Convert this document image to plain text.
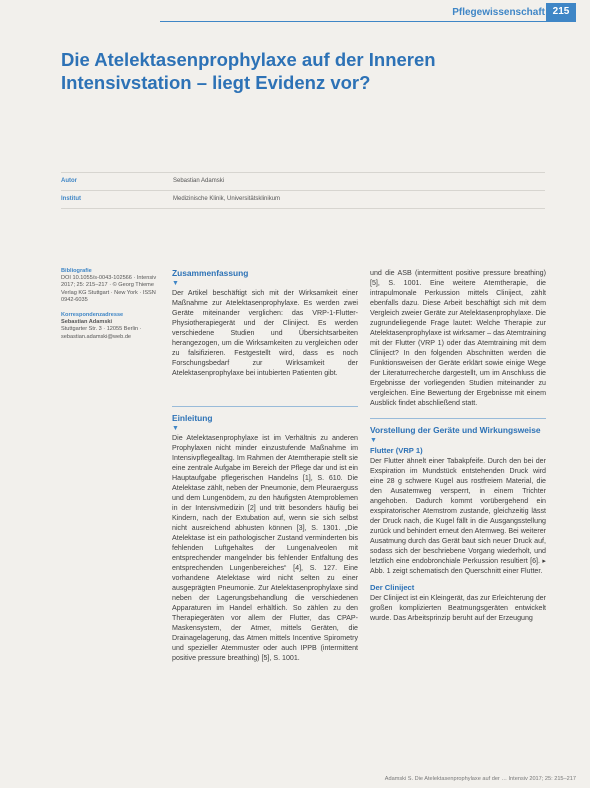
Pflegewissenschaft 215
Die Atelektasenprophylaxe auf der Inneren Intensivstation – liegt Evidenz vor?
Autor	Sebastian Adamski
Institut	Medizinische Klinik, Universitätsklinikum

Bibliografie
DOI 10.1055/s-0043-102566 · Intensiv 2017; 25: 215–217 · © Georg Thieme Verlag KG Stuttgart · New York · ISSN 0942-6035

Korrespondenzadresse
Sebastian Adamski
Stuttgarter Str. 3 · 12055 Berlin · sebastian.adamski@web.de

Zusammenfassung
▼

Der Artikel beschäftigt sich mit der Wirksamkeit einer Maßnahme zur Atelektasenprophylaxe. Es werden zwei Geräte miteinander verglichen: das VRP-1-Flutter-Physiotherapiegerät und der Cliniject. Es werden verschiedene Studien und Übersichtsarbeiten herangezogen, um die Wirksamkeiten zu vergleichen oder zu falsifizieren. Festgestellt wird, dass es noch Forschungsbedarf zur Wirksamkeit der Atelektasenprophylaxe bei intubierten Patienten gibt.

Einleitung
▼

Die Atelektasenprophylaxe ist im Verhältnis zu anderen Prophylaxen nicht minder einzustufende Maßnahme im Intensivpflegealltag. Im Rahmen der Atemtherapie stellt sie eine zentrale Aufgabe im Bereich der Pflege dar und ist ein Hauptaufgabe pflegerischen Handelns [1], S. 610. Die Atelektase zählt, neben der Pneumonie, dem Pleuraerguss und dem Lungenödem, zu den häufigsten Atemproblemen in der Intensivmedizin [2] und tritt besonders häufig bei Kindern, nach der Extubation auf, wenn sie sich selbst nicht ausreichend abhusten können [3], S. 1301. „Die Atelektase ist ein pathologischer Zustand verminderten bis fehlenden Luftgehaltes der Lungenalveolen mit entsprechender mangelnder bis fehlender Entfaltung des entsprechenden Lungenbereiches“ [4], S. 127. Eine vorhandene Atelektase wird nicht selten zu einer ausgeprägten Pneumonie. Zur Atelektasenprophylaxe sind neben der Lagerungsbehandlung die verschiedenen Apparaturen im Handel erhältlich. So zählen zu den Therapiegeräten vor allem der Flutter, das CPAP-Maskensystem, der Atmer, mittels Geräten, die Drainagelagerung, das Atmen mittels Incentive Spirometry und spezieller Atemmuster oder auch IPPB (intermittent positive pressure breathing) [5], S. 1001.

und die ASB (intermittent positive pressure breathing) [5], S. 1001. Eine weitere Atemtherapie, die intrapulmonale Perkussion mittels Cliniject, zählt ebenfalls dazu. Diese Arbeit beschäftigt sich mit dem Vergleich zweier Geräte zur Atelektasenprophylaxe. Die zugrundeliegende Frage lautet: Welche Therapie zur Atelektasenprophylaxe ist wirksamer – das Atemtraining mit der Flutter (VRP 1) oder das Atemtraining mit dem Cliniject? In den folgenden Abschnitten werden die Funktionsweisen der Geräte erklärt sowie einige Wege der Literaturrecherche dargestellt, um im Anschluss die Ergebnisse der vorliegenden Studien miteinander zu vergleichen. Eine Bewertung der Ergebnisse mit einem Ausblick findet abschließend statt.

Vorstellung der Geräte und Wirkungsweise
▼
Flutter (VRP 1)

Der Flutter ähnelt einer Tabakpfeife. Durch den bei der Exspiration im Mundstück entstehenden Druck wird eine 28 g schwere Kugel aus rostfreiem Material, die den Ausatemweg versperrt, in einem Trichter angehoben. Dadurch kommt vorübergehend ein exspiratorischer Atemstrom zustande, gleichzeitig lässt der Druck nach, die Kugel fällt in die Ausgangsstellung zurück und behindert erneut den Atemweg. Bei weiterer Ausatmung durch das Gerät baut sich neuer Druck auf, sodass sich der beschriebene Vorgang wiederholt, und letztlich eine endobronchiale Perkussion resultiert [6]. ▸ Abb. 1 zeigt schematisch den Querschnitt einer Flutter.

Der Cliniject

Der Cliniject ist ein Kleingerät, das zur Erleichterung der großen komplizierten Beatmungsgeräten entwickelt wurde. Das Arbeitsprinzip beruht auf der Erzeugung

Adamski S. Die Atelektasenprophylaxe auf der … Intensiv 2017; 25: 215–217
